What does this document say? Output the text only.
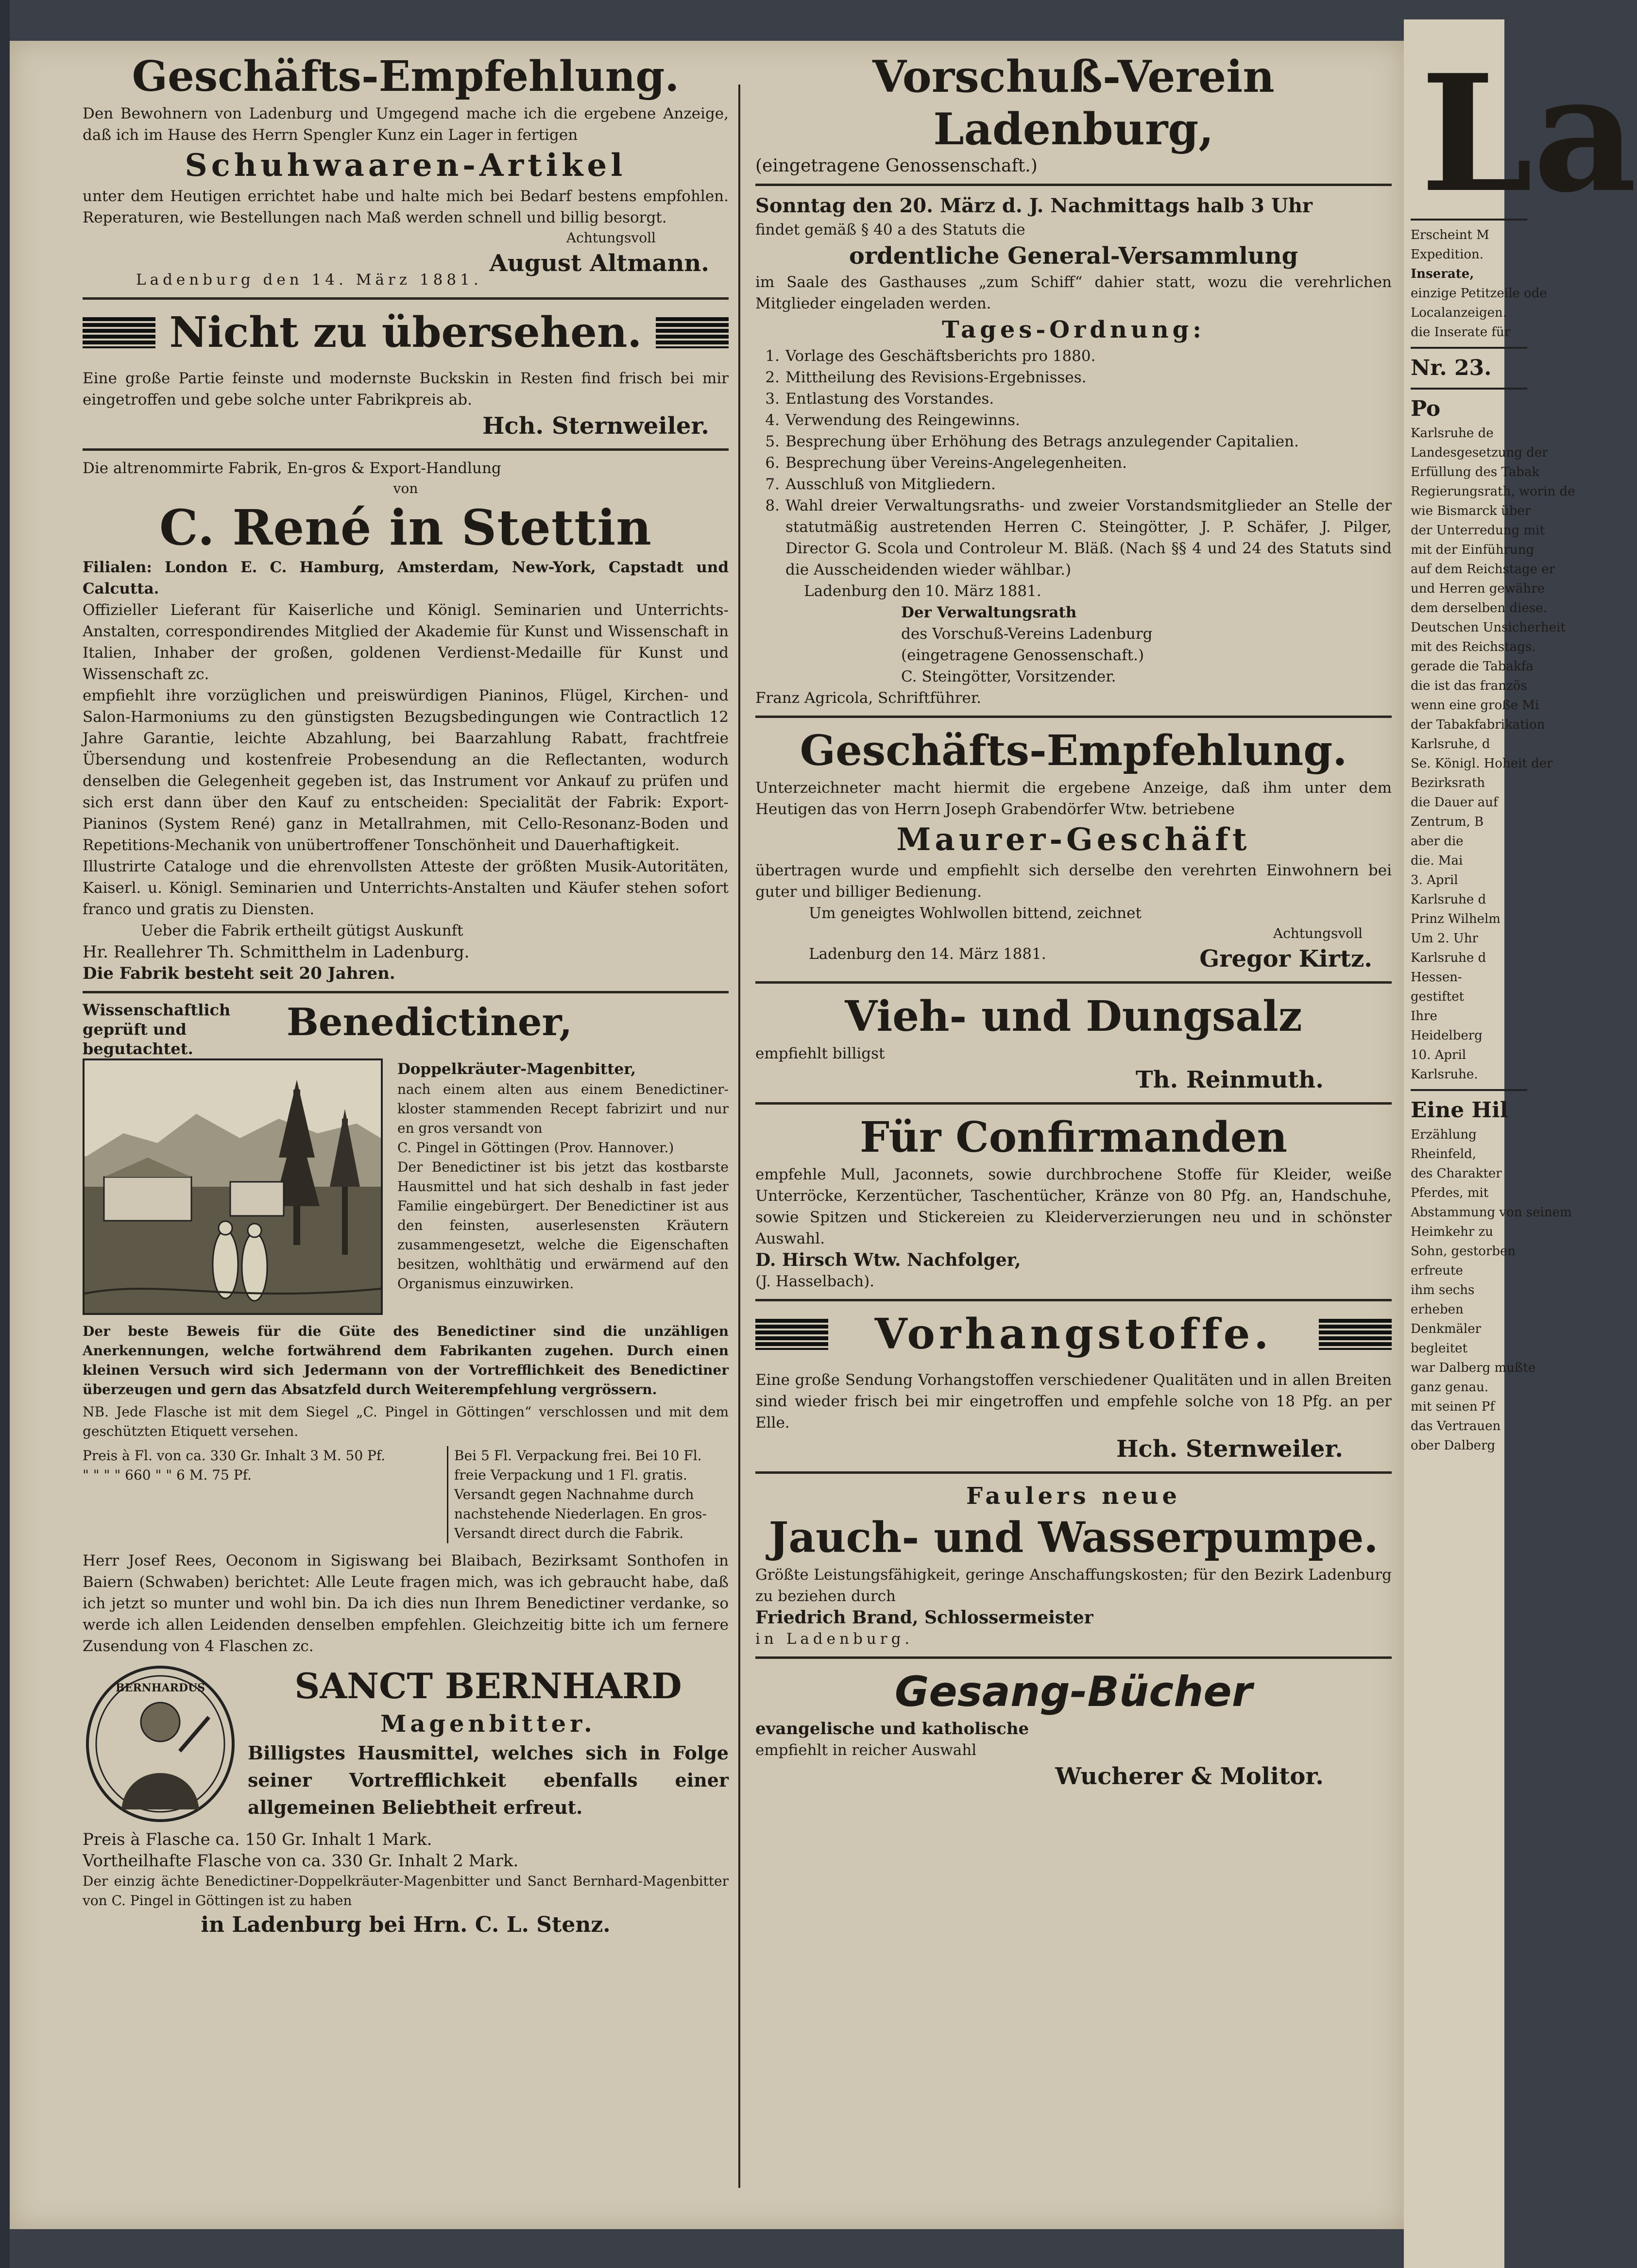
La
Erscheint M
Expedition.
Inserate,
einzige Petitzeile ode
Localanzeigen.
die Inserate für
Nr. 23.
Po
Karlsruhe de
Landesgesetzung der
Erfüllung des Tabak
Regierungsrath, worin de
wie Bismarck über
der Unterredung mit
mit der Einführung
auf dem Reichstage er
und Herren gewähre
dem derselben diese.
Deutschen Unsicherheit
mit des Reichstags.
gerade die Tabakfa
die ist das französ
wenn eine große Mi
der Tabakfabrikation
Karlsruhe, d
Se. Königl. Hoheit der
Bezirksrath
die Dauer auf
Zentrum, B
aber die
die. Mai
3. April
Karlsruhe d
Prinz Wilhelm
Um 2. Uhr
Karlsruhe d
Hessen-
gestiftet
Ihre
Heidelberg
10. April
Karlsruhe.
Eine Hil
Erzählung
Rheinfeld,
des Charakter
Pferdes, mit
Abstammung von seinem
Heimkehr zu
Sohn, gestorben
erfreute
ihm sechs
erheben
Denkmäler
begleitet
war Dalberg mußte
ganz genau.
mit seinen Pf
das Vertrauen
ober Dalberg
Geschäfts-Empfehlung.
Den Bewohnern von Ladenburg und Umgegend mache ich die ergebene Anzeige, daß ich im Hause des Herrn Spengler Kunz ein Lager in fertigen
Schuhwaaren-Artikel
unter dem Heutigen errichtet habe und halte mich bei Bedarf bestens empfohlen. Reperaturen, wie Bestellungen nach Maß werden schnell und billig besorgt.
Achtungsvoll
August Altmann.
Ladenburg den 14. März 1881.
Nicht zu übersehen.
Eine große Partie feinste und modernste Buckskin in Resten find frisch bei mir eingetroffen und gebe solche unter Fabrikpreis ab.
Hch. Sternweiler.
Die altrenommirte Fabrik, En-gros & Export-Handlung
von
C. René in Stettin
Filialen: London E. C. Hamburg, Amsterdam, New-York, Capstadt und Calcutta.
Offizieller Lieferant für Kaiserliche und Königl. Seminarien und Unterrichts-Anstalten, correspondirendes Mitglied der Akademie für Kunst und Wissenschaft in Italien, Inhaber der großen, goldenen Verdienst-Medaille für Kunst und Wissenschaft zc.
empfiehlt ihre vorzüglichen und preiswürdigen Pianinos, Flügel, Kirchen- und Salon-Harmoniums zu den günstigsten Bezugsbedingungen wie Contractlich 12 Jahre Garantie, leichte Abzahlung, bei Baarzahlung Rabatt, frachtfreie Übersendung und kostenfreie Probesendung an die Reflectanten, wodurch denselben die Gelegenheit gegeben ist, das Instrument vor Ankauf zu prüfen und sich erst dann über den Kauf zu entscheiden: Specialität der Fabrik: Export-Pianinos (System René) ganz in Metallrahmen, mit Cello-Resonanz-Boden und Repetitions-Mechanik von unübertroffener Tonschönheit und Dauerhaftigkeit.
Illustrirte Cataloge und die ehrenvollsten Atteste der größten Musik-Autoritäten, Kaiserl. u. Königl. Seminarien und Unterrichts-Anstalten und Käufer stehen sofort franco und gratis zu Diensten.
Ueber die Fabrik ertheilt gütigst Auskunft
Hr. Reallehrer Th. Schmitthelm in Ladenburg.
Die Fabrik besteht seit 20 Jahren.
Wissenschaftlich geprüft und begutachtet.
Benedictiner,
Doppelkräuter-Magenbitter,
nach einem alten aus einem Benedictiner-kloster stammenden Recept fabrizirt und nur en gros versandt von
C. Pingel in Göttingen (Prov. Hannover.)
Der Benedictiner ist bis jetzt das kostbarste Hausmittel und hat sich deshalb in fast jeder Familie eingebürgert. Der Benedictiner ist aus den feinsten, auserlesensten Kräutern zusammengesetzt, welche die Eigenschaften besitzen, wohlthätig und erwärmend auf den Organismus einzuwirken.
Der beste Beweis für die Güte des Benedictiner sind die unzähligen Anerkennungen, welche fortwährend dem Fabrikanten zugehen. Durch einen kleinen Versuch wird sich Jedermann von der Vortrefflichkeit des Benedictiner überzeugen und gern das Absatzfeld durch Weiterempfehlung vergrössern.
NB. Jede Flasche ist mit dem Siegel „C. Pingel in Göttingen“ verschlossen und mit dem geschützten Etiquett versehen.
Preis à Fl. von ca. 330 Gr. Inhalt 3 M. 50 Pf.
" " " " 660 " " 6 M. 75 Pf.
Bei 5 Fl. Verpackung frei. Bei 10 Fl. freie Verpackung und 1 Fl. gratis. Versandt gegen Nachnahme durch nachstehende Niederlagen. En gros-Versandt direct durch die Fabrik.
Herr Josef Rees, Oeconom in Sigiswang bei Blaibach, Bezirksamt Sonthofen in Baiern (Schwaben) berichtet: Alle Leute fragen mich, was ich gebraucht habe, daß ich jetzt so munter und wohl bin. Da ich dies nun Ihrem Benedictiner verdanke, so werde ich allen Leidenden denselben empfehlen. Gleichzeitig bitte ich um fernere Zusendung von 4 Flaschen zc.
BERNHARDUS	SANCT BERNHARD
Magenbitter.
Billigstes Hausmittel, welches sich in Folge seiner Vortrefflichkeit ebenfalls einer allgemeinen Beliebtheit erfreut.
Preis à Flasche ca. 150 Gr. Inhalt 1 Mark.
Vortheilhafte Flasche von ca. 330 Gr. Inhalt 2 Mark.
Der einzig ächte Benedictiner-Doppelkräuter-Magenbitter und Sanct Bernhard-Magenbitter von C. Pingel in Göttingen ist zu haben
in Ladenburg bei Hrn. C. L. Stenz.
Vorschuß-Verein Ladenburg,
(eingetragene Genossenschaft.)
Sonntag den 20. März d. J. Nachmittags halb 3 Uhr
findet gemäß § 40 a des Statuts die
ordentliche General-Versammlung
im Saale des Gasthauses „zum Schiff“ dahier statt, wozu die verehrlichen Mitglieder eingeladen werden.
Tages-Ordnung:
1. Vorlage des Geschäftsberichts pro 1880.
2. Mittheilung des Revisions-Ergebnisses.
3. Entlastung des Vorstandes.
4. Verwendung des Reingewinns.
5. Besprechung über Erhöhung des Betrags anzulegender Capitalien.
6. Besprechung über Vereins-Angelegenheiten.
7. Ausschluß von Mitgliedern.
8. Wahl dreier Verwaltungsraths- und zweier Vorstandsmitglieder an Stelle der statutmäßig austretenden Herren C. Steingötter, J. P. Schäfer, J. Pilger, Director G. Scola und Controleur M. Bläß. (Nach §§ 4 und 24 des Statuts sind die Ausscheidenden wieder wählbar.)
Ladenburg den 10. März 1881.
Der Verwaltungsrath
des Vorschuß-Vereins Ladenburg
(eingetragene Genossenschaft.)
C. Steingötter, Vorsitzender.
Franz Agricola, Schriftführer.
Geschäfts-Empfehlung.
Unterzeichneter macht hiermit die ergebene Anzeige, daß ihm unter dem Heutigen das von Herrn Joseph Grabendörfer Wtw. betriebene
Maurer-Geschäft
übertragen wurde und empfiehlt sich derselbe den verehrten Einwohnern bei guter und billiger Bedienung.
Um geneigtes Wohlwollen bittend, zeichnet
Achtungsvoll
Ladenburg den 14. März 1881.	Gregor Kirtz.
Vieh- und Dungsalz
empfiehlt billigst
Th. Reinmuth.
Für Confirmanden
empfehle Mull, Jaconnets, sowie durchbrochene Stoffe für Kleider, weiße Unterröcke, Kerzentücher, Taschentücher, Kränze von 80 Pfg. an, Handschuhe, sowie Spitzen und Stickereien zu Kleiderverzierungen neu und in schönster Auswahl.
D. Hirsch Wtw. Nachfolger,
(J. Hasselbach).
Vorhangstoffe.
Eine große Sendung Vorhangstoffen verschiedener Qualitäten und in allen Breiten sind wieder frisch bei mir eingetroffen und empfehle solche von 18 Pfg. an per Elle.
Hch. Sternweiler.
Faulers neue
Jauch- und Wasserpumpe.
Größte Leistungsfähigkeit, geringe Anschaffungskosten; für den Bezirk Ladenburg zu beziehen durch
Friedrich Brand, Schlossermeister
in Ladenburg.
Gesang-Bücher
evangelische und katholische
empfiehlt in reicher Auswahl
Wucherer & Molitor.
